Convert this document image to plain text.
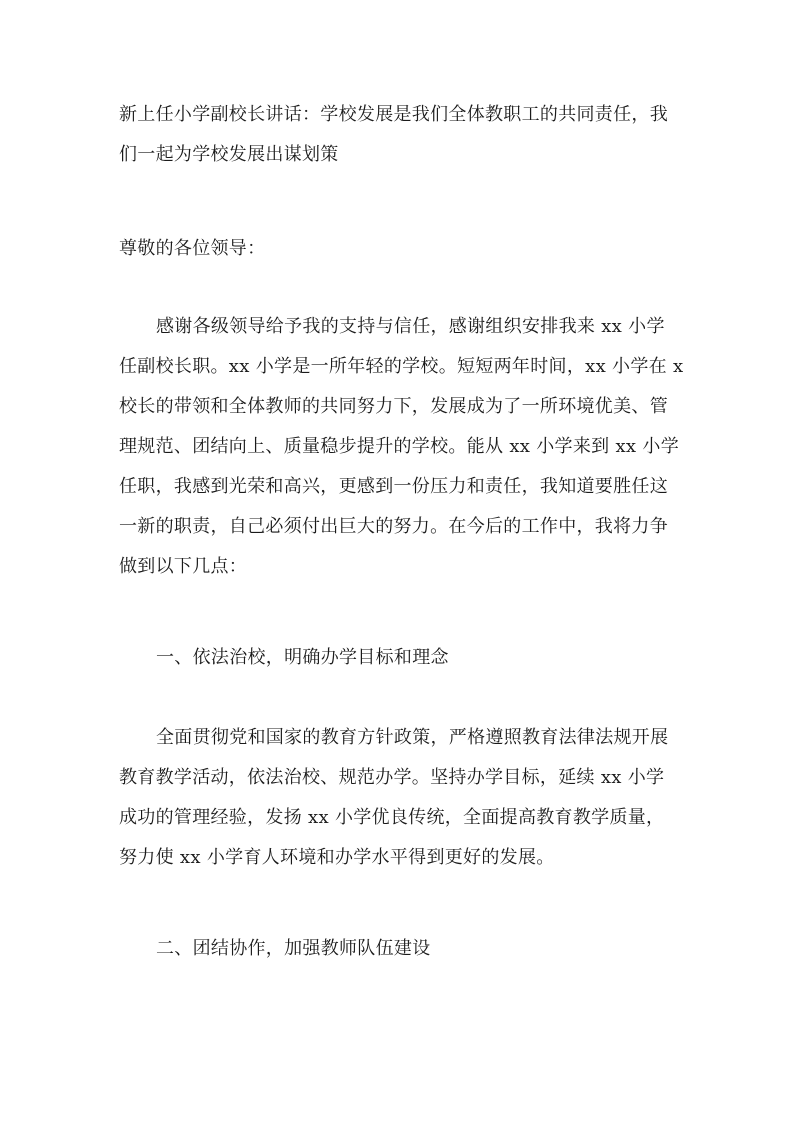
新上任小学副校长讲话：学校发展是我们全体教职工的共同责任，我
们一起为学校发展出谋划策
尊敬的各位领导：
感谢各级领导给予我的支持与信任，感谢组织安排我来 xx 小学
任副校长职。xx 小学是一所年轻的学校。短短两年时间，xx 小学在 x
校长的带领和全体教师的共同努力下，发展成为了一所环境优美、管
理规范、团结向上、质量稳步提升的学校。能从 xx 小学来到 xx 小学
任职，我感到光荣和高兴，更感到一份压力和责任，我知道要胜任这
一新的职责，自己必须付出巨大的努力。在今后的工作中，我将力争
做到以下几点：
一、依法治校，明确办学目标和理念
全面贯彻党和国家的教育方针政策，严格遵照教育法律法规开展
教育教学活动，依法治校、规范办学。坚持办学目标，延续 xx 小学
成功的管理经验，发扬 xx 小学优良传统，全面提高教育教学质量，
努力使 xx 小学育人环境和办学水平得到更好的发展。
二、团结协作，加强教师队伍建设
